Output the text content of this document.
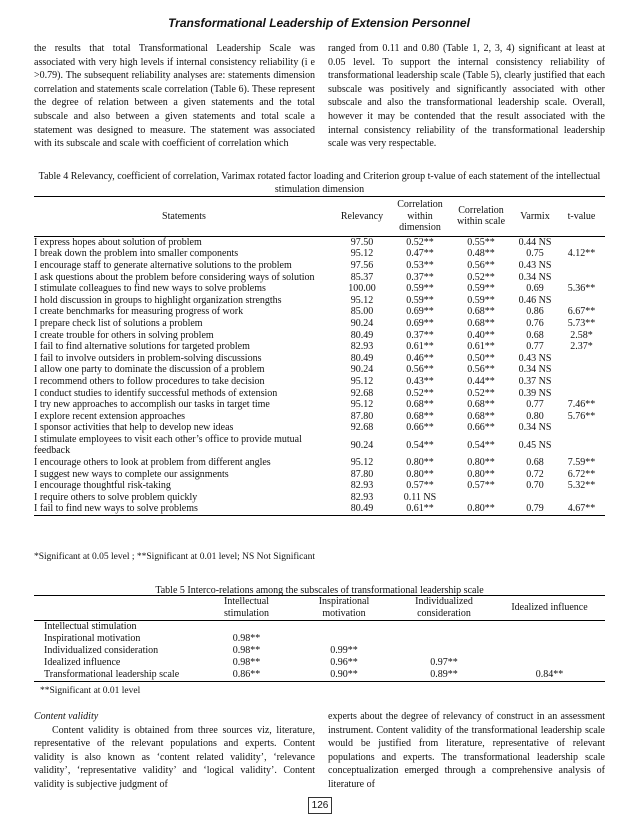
Transformational Leadership of Extension Personnel
the results that total Transformational Leadership Scale was associated with very high levels if internal consistency reliability (i e >0.79). The subsequent reliability analyses are: statements dimension correlation and statements scale correlation (Table 6). These represent the degree of relation between a given statements and the total subscale and also between a given statements and total scale a statement was designed to measure. The statement was associated with its subscale and scale with coefficient of correlation which
ranged from 0.11 and 0.80 (Table 1, 2, 3, 4) significant at least at 0.05 level. To support the internal consistency reliability of transformational leadership scale (Table 5), clearly justified that each subscale was positively and significantly associated with other subscale and also the transformational leadership scale. Overall, however it may be contended that the result associated with the internal consistency reliability of the transformational leadership scale was very respectable.
Table 4 Relevancy, coefficient of correlation, Varimax rotated factor loading and Criterion group t-value of each statement of the intellectual stimulation dimension
Statements	Relevancy	Correlation within dimension	Correlation within scale	Varmix	t-value
I express hopes about solution of problem	97.50	0.52**	0.55**	0.44 NS	
I break down the problem into smaller components	95.12	0.47**	0.48**	0.75	4.12**
I encourage staff to generate alternative solutions to the problem	97.56	0.53**	0.56**	0.43 NS	
I ask questions about the problem before considering ways of solution	85.37	0.37**	0.52**	0.34 NS	
I stimulate colleagues to find new ways to solve problems	100.00	0.59**	0.59**	0.69	5.36**
I hold discussion in groups to highlight organization strengths	95.12	0.59**	0.59**	0.46 NS	
I create benchmarks for measuring progress of work	85.00	0.69**	0.68**	0.86	6.67**
I prepare check list of solutions a problem	90.24	0.69**	0.68**	0.76	5.73**
I create trouble for others in solving problem	80.49	0.37**	0.40**	0.68	2.58*
I fail to find alternative solutions for targeted problem	82.93	0.61**	0.61**	0.77	2.37*
I fail to involve outsiders in problem-solving discussions	80.49	0.46**	0.50**	0.43 NS	
I allow one party to dominate the discussion of a problem	90.24	0.56**	0.56**	0.34 NS	
I recommend others to follow procedures to take decision	95.12	0.43**	0.44**	0.37 NS	
I conduct studies to identify successful methods of extension	92.68	0.52**	0.52**	0.39 NS	
I try new approaches to accomplish our tasks in target time	95.12	0.68**	0.68**	0.77	7.46**
I explore recent extension approaches	87.80	0.68**	0.68**	0.80	5.76**
I sponsor activities that help to develop new ideas	92.68	0.66**	0.66**	0.34 NS	
I stimulate employees to visit each other’s office to provide mutual feedback	90.24	0.54**	0.54**	0.45 NS	
I encourage others to look at problem from different angles	95.12	0.80**	0.80**	0.68	7.59**
I suggest new ways to complete our assignments	87.80	0.80**	0.80**	0.72	6.72**
I encourage thoughtful risk-taking	82.93	0.57**	0.57**	0.70	5.32**
I require others to solve problem quickly	82.93	0.11 NS			
I fail to find new ways to solve problems	80.49	0.61**	0.80**	0.79	4.67**
*Significant at 0.05 level ; **Significant at 0.01 level; NS Not Significant
Table 5 Interco-relations among the subscales of transformational leadership scale
	Intellectual stimulation	Inspirational motivation	Individualized consideration	Idealized influence
Intellectual stimulation				
Inspirational motivation	0.98**			
Individualized consideration	0.98**	0.99**		
Idealized influence	0.98**	0.96**	0.97**	
Transformational leadership scale	0.86**	0.90**	0.89**	0.84**
**Significant at 0.01 level

Content validity

Content validity is obtained from three sources viz, literature, representative of the relevant populations and experts. Content validity is also known as ‘content related validity’, ‘relevance validity’, ‘representative validity’ and ‘logical validity’. Content validity is subjective judgment of

experts about the degree of relevancy of construct in an assessment instrument. Content validity of the transformational leadership scale would be justified from literature, representative of relevant populations and experts. The transformational leadership scale conceptualization emerged through a comprehensive analysis of literature of
126
